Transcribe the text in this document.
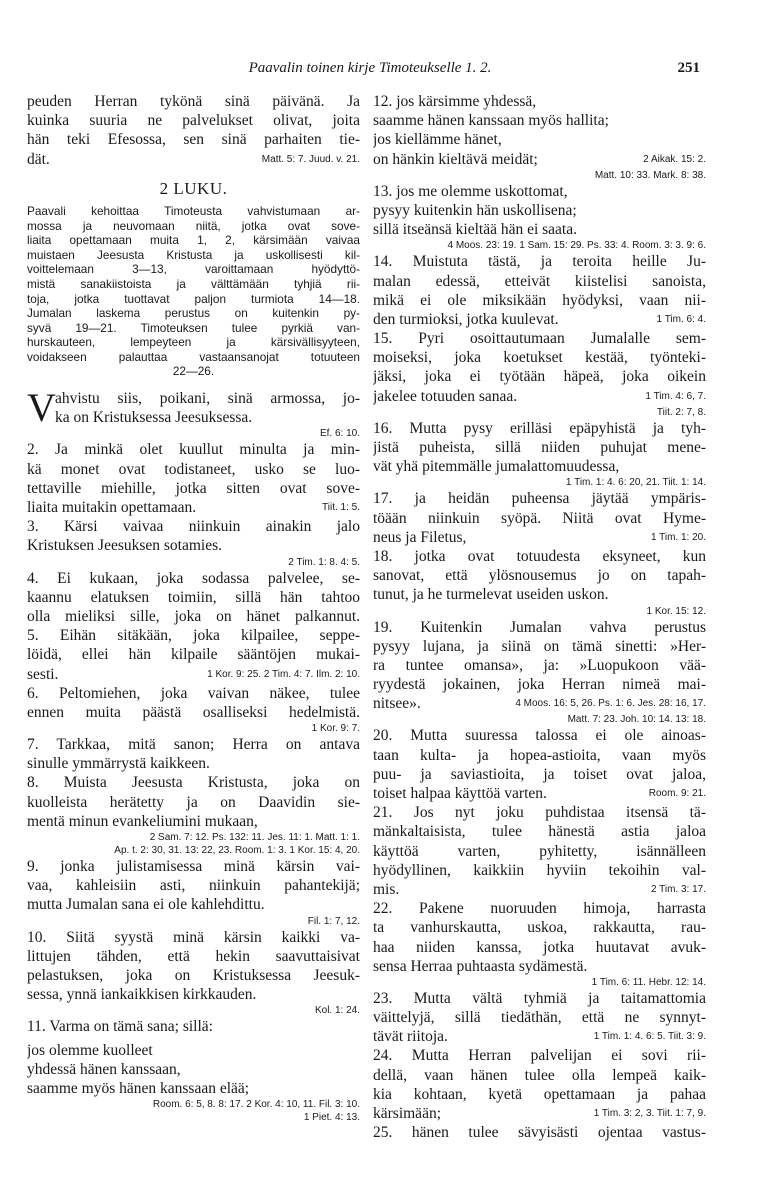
Paavalin toinen kirje Timoteukselle 1. 2.	251
peuden Herran tykönä sinä päivänä. Ja
kuinka suuria ne palvelukset olivat, joita
hän teki Efesossa, sen sinä parhaiten tie-
Matt. 5: 7. Juud. v. 21.
dät.
2 LUKU.
Paavali kehoittaa Timoteusta vahvistumaan ar-
mossa ja neuvomaan niitä, jotka ovat sove-
liaita opettamaan muita 1, 2, kärsimään vaivaa
muistaen Jeesusta Kristusta ja uskollisesti kil-
voittelemaan 3—13, varoittamaan hyödyttö-
mistä sanakiistoista ja välttämään tyhjiä rii-
toja, jotka tuottavat paljon turmiota 14—18.
Jumalan laskema perustus on kuitenkin py-
syvä 19—21. Timoteuksen tulee pyrkiä van-
hurskauteen, lempeyteen ja kärsivällisyyteen,
voidakseen palauttaa vastaansanojat totuuteen
22—26.
V ahvistu siis, poikani, sinä armossa, jo-
ka on Kristuksessa Jeesuksessa.
Ef. 6: 10.
2. Ja minkä olet kuullut minulta ja min-
kä monet ovat todistaneet, usko se luo-
tettaville miehille, jotka sitten ovat sove-
Tiit. 1: 5.
liaita muitakin opettamaan.
3. Kärsi vaivaa niinkuin ainakin jalo
Kristuksen Jeesuksen sotamies.
2 Tim. 1: 8. 4: 5.
4. Ei kukaan, joka sodassa palvelee, se-
kaannu elatuksen toimiin, sillä hän tahtoo
olla mieliksi sille, joka on hänet palkannut.
5. Eihän sitäkään, joka kilpailee, seppe-
löidä, ellei hän kilpaile sääntöjen mukai-
1 Kor. 9: 25. 2 Tim. 4: 7. Ilm. 2: 10.
sesti.
6. Peltomiehen, joka vaivan näkee, tulee
ennen muita päästä osalliseksi hedelmistä.
1 Kor. 9: 7.
7. Tarkkaa, mitä sanon; Herra on antava
sinulle ymmärrystä kaikkeen.
8. Muista Jeesusta Kristusta, joka on
kuolleista herätetty ja on Daavidin sie-
mentä minun evankeliumini mukaan,
2 Sam. 7: 12. Ps. 132: 11. Jes. 11: 1. Matt. 1: 1.
Ap. t. 2: 30, 31. 13: 22, 23. Room. 1: 3. 1 Kor. 15: 4, 20.
9. jonka julistamisessa minä kärsin vai-
vaa, kahleisiin asti, niinkuin pahantekijä;
mutta Jumalan sana ei ole kahlehdittu.
Fil. 1: 7, 12.
10. Siitä syystä minä kärsin kaikki va-
littujen tähden, että hekin saavuttaisivat
pelastuksen, joka on Kristuksessa Jeesuk-
sessa, ynnä iankaikkisen kirkkauden.
Kol. 1: 24.
11. Varma on tämä sana; sillä:
jos olemme kuolleet
yhdessä hänen kanssaan,
saamme myös hänen kanssaan elää;
Room. 6: 5, 8. 8: 17. 2 Kor. 4: 10, 11. Fil. 3: 10.
1 Piet. 4: 13.
12. jos kärsimme yhdessä,
saamme hänen kanssaan myös hallita;
jos kiellämme hänet,
2 Aikak. 15: 2.
on hänkin kieltävä meidät;
Matt. 10: 33. Mark. 8: 38.
13. jos me olemme uskottomat,
pysyy kuitenkin hän uskollisena;
sillä itseänsä kieltää hän ei saata.
4 Moos. 23: 19. 1 Sam. 15: 29. Ps. 33: 4. Room. 3: 3. 9: 6.
14. Muistuta tästä, ja teroita heille Ju-
malan edessä, etteivät kiistelisi sanoista,
mikä ei ole miksikään hyödyksi, vaan nii-
1 Tim. 6: 4.
den turmioksi, jotka kuulevat.
15. Pyri osoittautumaan Jumalalle sem-
moiseksi, joka koetukset kestää, työnteki-
jäksi, joka ei työtään häpeä, joka oikein
1 Tim. 4: 6, 7.
jakelee totuuden sanaa.
Tiit. 2: 7, 8.
16. Mutta pysy erilläsi epäpyhistä ja tyh-
jistä puheista, sillä niiden puhujat mene-
vät yhä pitemmälle jumalattomuudessa,
1 Tim. 1: 4. 6: 20, 21. Tiit. 1: 14.
17. ja heidän puheensa jäytää ympäris-
töään niinkuin syöpä. Niitä ovat Hyme-
1 Tim. 1: 20.
neus ja Filetus,
18. jotka ovat totuudesta eksyneet, kun
sanovat, että ylösnousemus jo on tapah-
tunut, ja he turmelevat useiden uskon.
1 Kor. 15: 12.
19. Kuitenkin Jumalan vahva perustus
pysyy lujana, ja siinä on tämä sinetti: »Her-
ra tuntee omansa», ja: »Luopukoon vää-
ryydestä jokainen, joka Herran nimeä mai-
4 Moos. 16: 5, 26. Ps. 1: 6. Jes. 28: 16, 17.
nitsee».
Matt. 7: 23. Joh. 10: 14. 13: 18.
20. Mutta suuressa talossa ei ole ainoas-
taan kulta- ja hopea-astioita, vaan myös
puu- ja saviastioita, ja toiset ovat jaloa,
Room. 9: 21.
toiset halpaa käyttöä varten.
21. Jos nyt joku puhdistaa itsensä tä-
mänkaltaisista, tulee hänestä astia jaloa
käyttöä varten, pyhitetty, isännälleen
hyödyllinen, kaikkiin hyviin tekoihin val-
2 Tim. 3: 17.
mis.
22. Pakene nuoruuden himoja, harrasta
ta vanhurskautta, uskoa, rakkautta, rau-
haa niiden kanssa, jotka huutavat avuk-
sensa Herraa puhtaasta sydämestä.
1 Tim. 6: 11. Hebr. 12: 14.
23. Mutta vältä tyhmiä ja taitamattomia
väittelyjä, sillä tiedäthän, että ne synnyt-
1 Tim. 1: 4. 6: 5. Tiit. 3: 9.
tävät riitoja.
24. Mutta Herran palvelijan ei sovi rii-
dellä, vaan hänen tulee olla lempeä kaik-
kia kohtaan, kyetä opettamaan ja pahaa
1 Tim. 3: 2, 3. Tiit. 1: 7, 9.
kärsimään;
25. hänen tulee sävyisästi ojentaa vastus-
